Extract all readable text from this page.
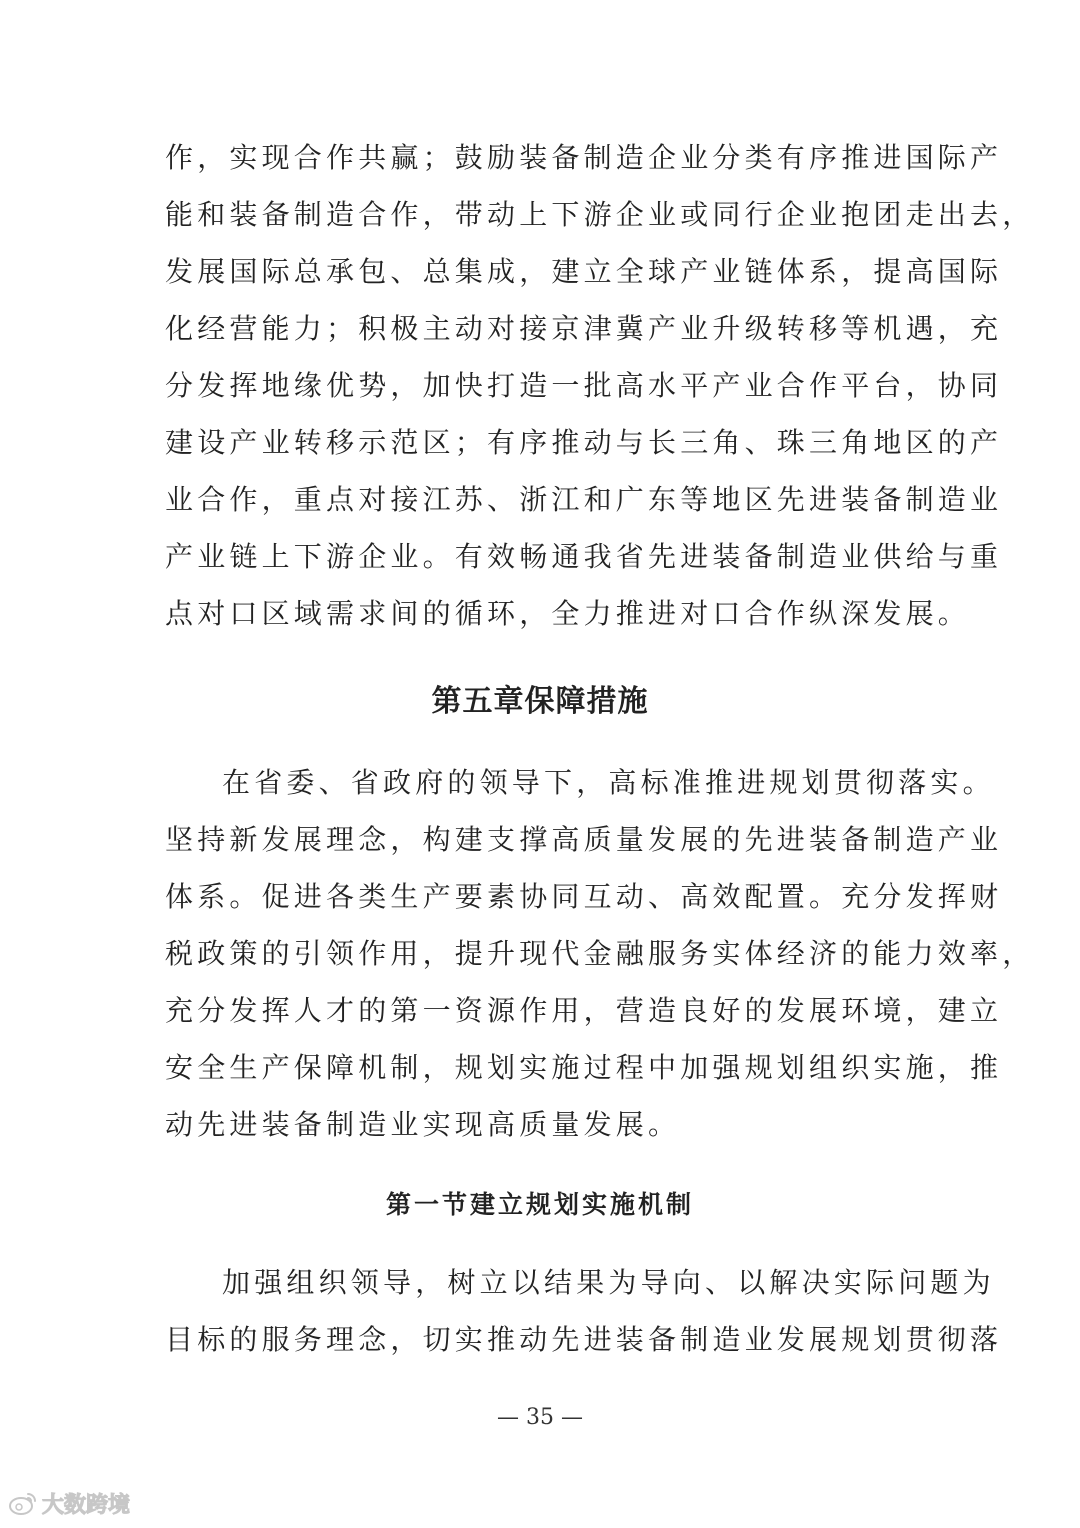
作，实现合作共赢；鼓励装备制造企业分类有序推进国际产
能和装备制造合作，带动上下游企业或同行企业抱团走出去，
发展国际总承包、总集成，建立全球产业链体系，提高国际
化经营能力；积极主动对接京津冀产业升级转移等机遇，充
分发挥地缘优势，加快打造一批高水平产业合作平台，协同
建设产业转移示范区；有序推动与长三角、珠三角地区的产
业合作，重点对接江苏、浙江和广东等地区先进装备制造业
产业链上下游企业。有效畅通我省先进装备制造业供给与重
点对口区域需求间的循环，全力推进对口合作纵深发展。
第五章保障措施
在省委、省政府的领导下，高标准推进规划贯彻落实。
坚持新发展理念，构建支撑高质量发展的先进装备制造产业
体系。促进各类生产要素协同互动、高效配置。充分发挥财
税政策的引领作用，提升现代金融服务实体经济的能力效率，
充分发挥人才的第一资源作用，营造良好的发展环境，建立
安全生产保障机制，规划实施过程中加强规划组织实施，推
动先进装备制造业实现高质量发展。
第一节建立规划实施机制
加强组织领导，树立以结果为导向、以解决实际问题为
目标的服务理念，切实推动先进装备制造业发展规划贯彻落
— 35 —
大数跨境
